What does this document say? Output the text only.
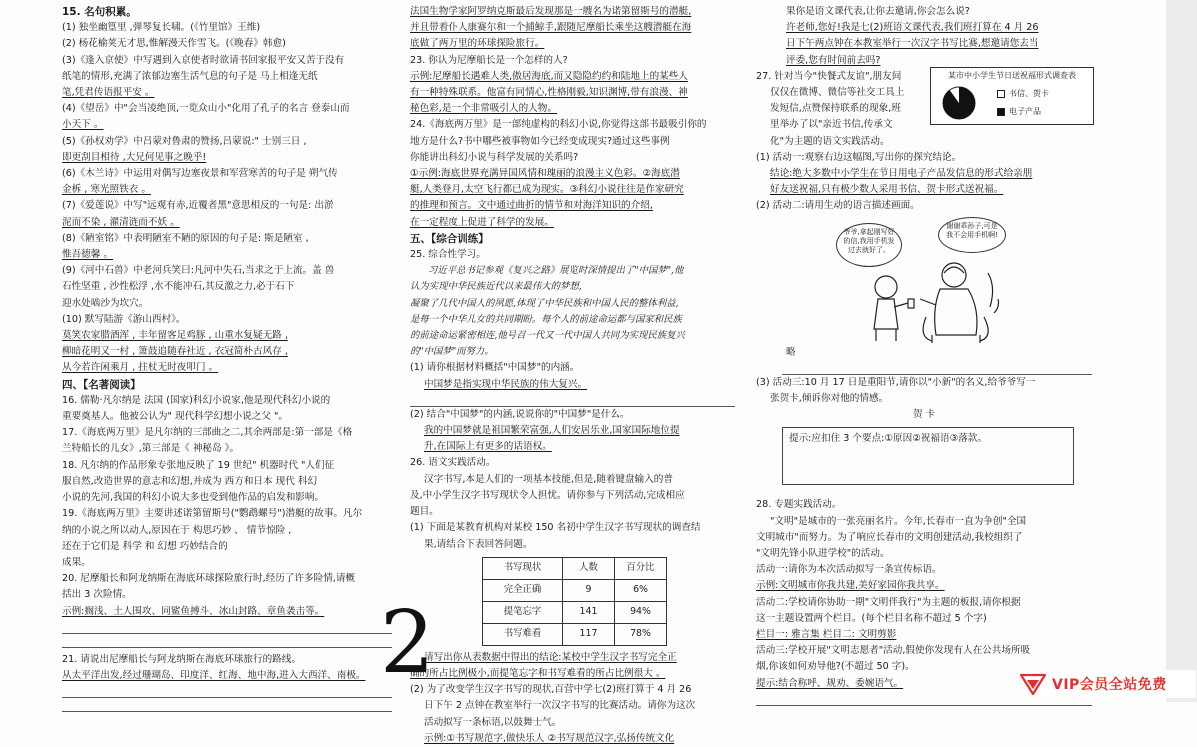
15. 名句积累。
(1) 独坐幽篁里 ,弹琴复长啸。(《竹里馆》王维)
(2) 杨花榆荚无才思,惟解漫天作雪飞。(《晚春》韩愈)
(3)《逢入京使》中写遇到入京使者时欲请书回家报平安又苦于没有
纸笔的情形,充满了浓郁边塞生活气息的句子是 马上相逢无纸
笔,凭君传语报平安 。
(4)《望岳》中"会当凌绝顶,一览众山小"化用了孔子的名言 登泰山而
小天下 。
(5)《孙权劝学》中吕蒙对鲁肃的赞扬,吕蒙说:" 士别三日 ,
即更刮目相待 ,大兄何见事之晚乎!
(6)《木兰诗》中运用对偶写边塞夜景和军营寒苦的句子是 朔气传
金柝 , 寒光照铁衣 。
(7)《爱莲说》中写"远观有赤,近覆者黑"意思相反的一句是: 出淤
泥而不染 , 濯清涟而不妖 。
(8)《陋室铭》中表明陋室不陋的原因的句子是: 斯是陋室 ,
惟吾德馨 。
(9)《河中石兽》中老河兵笑曰:凡河中失石,当求之于上流。盖 兽
石性坚重 , 沙性松浮 ,水不能冲石,其反激之力,必于石下
迎水处啮沙为坎穴。
(10) 默写陆游《游山西村》。
莫笑农家腊酒浑 , 丰年留客足鸡豚 , 山重水复疑无路 ,
柳暗花明又一村 , 箫鼓追随春社近 , 衣冠简朴古风存 ,
从今若许闲乘月 , 拄杖无时夜叩门 。
四、【名著阅读】
16. 儒勒·凡尔纳是 法国 (国家)科幻小说家,他是现代科幻小说的
重要奠基人。他被公认为" 现代科学幻想小说之父 "。
17.《海底两万里》是凡尔纳的三部曲之二,其余两部是:第一部是《格
兰特船长的儿女》,第三部是《 神秘岛 》。
18. 凡尔纳的作品形象专张地反映了 19 世纪" 机器时代 "人们征
服自然,改造世界的意志和幻想,并成为 西方和日本 现代 科幻
小说的先河,我国的科幻小说大多也受到他作品的启发和影响。
19.《海底两万里》主要讲述诺第留斯号("鹦鹉螺号")潜艇的故事。凡尔
纳的小说之所以动人,原因在于 构思巧妙 、 情节惊险 ,
还在于它们是 科学 和 幻想 巧妙结合的
成果。
20. 尼摩船长和阿龙纳斯在海底环球探险旅行时,经历了许多险情,请概
括出 3 次险情。
示例:搁浅、土人围攻、同鲨鱼搏斗、冰山封路、章鱼袭击等。
21. 请说出尼摩船长与阿龙纳斯在海底环球旅行的路线。
从太平洋出发,经过珊瑚岛、印度洋、红海、地中海,进入大西洋、南极。 2
法国生物学家阿罗纳克斯最后发现那是一艘名为诺第留斯号的潜艇,
并且带着仆人康赛尔和一个捕鲸手,跟随尼摩船长乘坐这艘潜艇在海
底做了两万里的环球探险旅行。
23. 你认为尼摩船长是一个怎样的人?
示例:尼摩船长遇难人类,傲居海底,而又隐隐约约和陆地上的某些人
有一种特殊联系。他富有同情心,性格刚毅,知识渊博,带有浪漫、神
秘色彩,是一个非常吸引人的人物。
24.《海底两万里》是一部纯虚构的科幻小说,你觉得这部书最吸引你的
地方是什么?书中哪些被事物如今已经变成现实?通过这些事例
你能讲出科幻小说与科学发展的关系吗?
①示例:海底世界充满异国风情和瑰丽的浪漫主义色彩。②海底潜
艇,人类登月,太空飞行都已成为现实。③科幻小说往往是作家研究
的推理和预言。文中通过曲折的情节和对海洋知识的介绍,
在一定程度上促进了科学的发展。
五、【综合训练】
25. 综合性学习。
习近平总书记参观《复兴之路》展览时深情提出了"中国梦",他
认为实现中华民族近代以来最伟大的梦想,
凝聚了几代中国人的夙愿,体现了中华民族和中国人民的整体利益,
是每一个中华儿女的共同期盼。每个人的前途命运都与国家和民族
的前途命运紧密相连,他号召一代又一代中国人共同为实现民族复兴
的"中国梦"而努力。
(1) 请你根据材料概括"中国梦"的内涵。
中国梦是指实现中华民族的伟大复兴。
(2) 结合"中国梦"的内涵,说说你的"中国梦"是什么。
我的中国梦就是祖国繁荣富强,人们安居乐业,国家国际地位提
升,在国际上有更多的话语权。
26. 语文实践活动。
汉字书写,本是人们的一项基本技能,但是,随着键盘输入的普
及,中小学生汉字书写现状令人担忧。请你参与下列活动,完成相应
题目。
(1) 下面是某教育机构对某校 150 名初中学生汉字书写现状的调查结
果,请结合下表回答问题。
书写现状	人数	百分比
完全正确	9	6%
提笔忘字	141	94%
书写难看	117	78%
请写出你从表数据中得出的结论:某校中学生汉字书写完全正
确的所占比例极小,而提笔忘字和书写难看的所占比例很大 。
(2) 为了改变学生汉字书写的现状,百营中学七(2)班打算于 4 月 26
日下午 2 点钟在教室举行一次汉字书写的比赛活动。请你为这次
活动拟写一条标语,以鼓舞士气。
示例:①书写规范字,做快乐人 ②书写规范汉字,弘扬传统文化
果你是语文课代表,让你去邀请,你会怎么说?
许老师,您好!我是七(2)班语文课代表,我们班打算在 4 月 26
日下午两点钟在本教室举行一次汉字书写比赛,想邀请您去当
评委,您有时间前去吗?
27. 针对当今"快餐式友谊",朋友间
仅仅在微博、微信等社交工具上
发短信,点赞保持联系的现象,班
里举办了以"亲近书信,传承文
化"为主题的语文实践活动。
(1) 活动一:观察右边这幅图,写出你的探究结论。
结论:绝大多数中小学生在节日用电子产品发信息的形式给亲朋
好友送祝福,只有极少数人采用书信、贺卡形式送祝福。
(2) 活动二:请用生动的语言描述画面。
某市中小学生节日送祝福形式调查表
书信、贺卡
电子产品
爷爷,拿起刚写好的信,我用手机发过去就好了。
谢谢乖孙子,可是我不会用手机啊!
略
(3) 活动三:10 月 17 日是重阳节,请你以"小新"的名义,给爷爷写一
张贺卡,倾诉你对他的情感。
贺 卡
提示:应扣住 3 个要点:①原因②祝福语③落款。
28. 专题实践活动。
"文明"是城市的一张亮丽名片。今年,长春市一直为争创"全国
文明城市"而努力。为了响应长春市的文明创建活动,我校组织了
"文明先锋小队进学校"的活动。
活动一:请你为本次活动拟写一条宣传标语。
示例:文明城市你我共建,美好家园你我共享。
活动二:学校请你协助一期"文明伴我行"为主题的板报,请你根据
这一主题设置两个栏目。(每个栏目名称不超过 5 个字)
栏目一: 雅言集 栏目二: 文明剪影
活动三:学校开展"文明志愿者"活动,假使你发现有人在公共场所吸
烟,你该如何劝导他?(不超过 50 字)。
提示:结合称呼、规劝、委婉语气。	VIP会员全站免费
